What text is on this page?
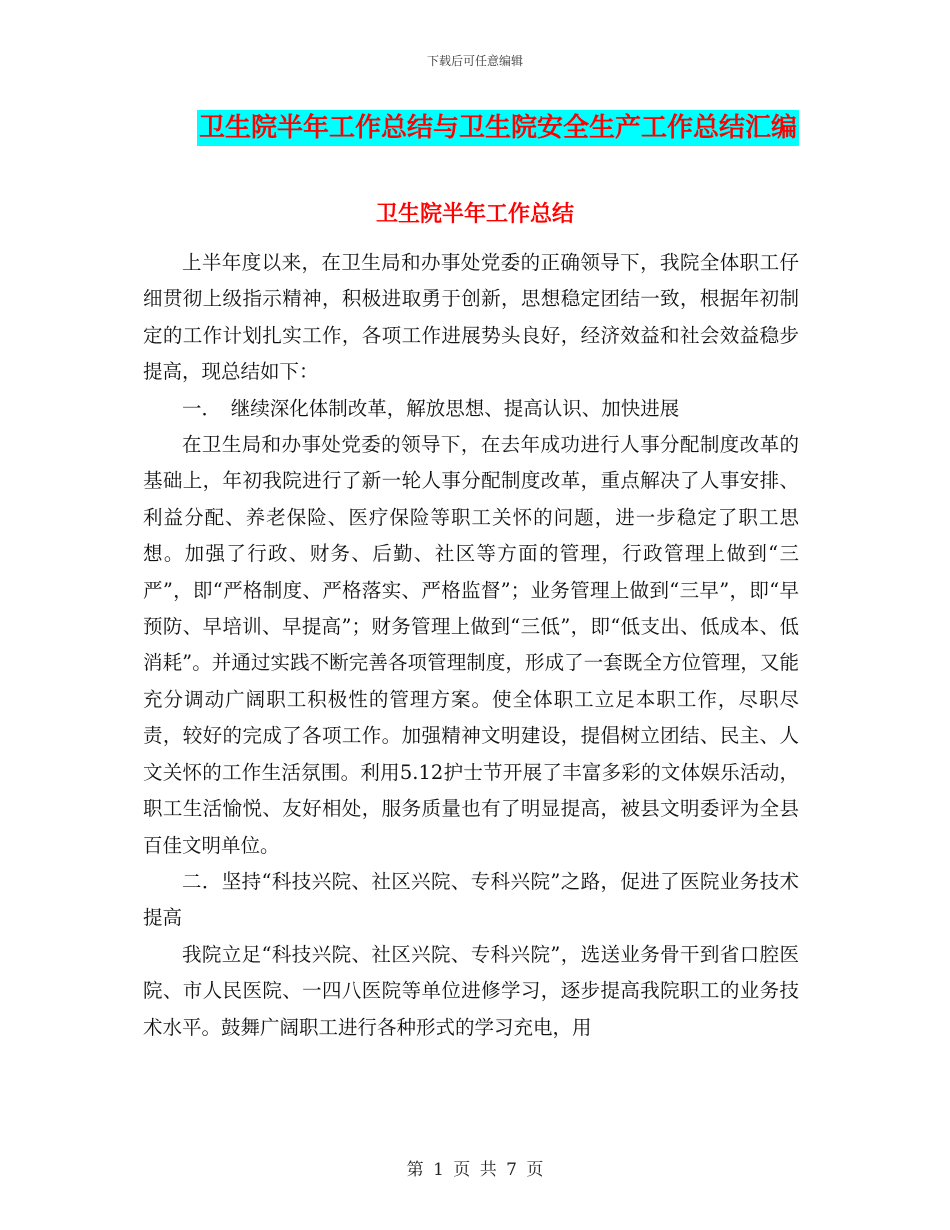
下载后可任意编辑
卫生院半年工作总结与卫生院安全生产工作总结汇编
卫生院半年工作总结

上半年度以来，在卫生局和办事处党委的正确领导下，我院全体职工仔细贯彻上级指示精神，积极进取勇于创新，思想稳定团结一致，根据年初制定的工作计划扎实工作，各项工作进展势头良好，经济效益和社会效益稳步提高，现总结如下：

一．　继续深化体制改革，解放思想、提高认识、加快进展

在卫生局和办事处党委的领导下，在去年成功进行人事分配制度改革的基础上，年初我院进行了新一轮人事分配制度改革，重点解决了人事安排、利益分配、养老保险、医疗保险等职工关怀的问题，进一步稳定了职工思想。加强了行政、财务、后勤、社区等方面的管理，行政管理上做到“三严”，即“严格制度、严格落实、严格监督”；业务管理上做到“三早”，即“早预防、早培训、早提高”；财务管理上做到“三低”，即“低支出、低成本、低消耗”。并通过实践不断完善各项管理制度，形成了一套既全方位管理，又能充分调动广阔职工积极性的管理方案。使全体职工立足本职工作，尽职尽责，较好的完成了各项工作。加强精神文明建设，提倡树立团结、民主、人文关怀的工作生活氛围。利用5.12护士节开展了丰富多彩的文体娱乐活动，职工生活愉悦、友好相处，服务质量也有了明显提高，被县文明委评为全县百佳文明单位。

二．坚持“科技兴院、社区兴院、专科兴院”之路，促进了医院业务技术提高

我院立足“科技兴院、社区兴院、专科兴院”，选送业务骨干到省口腔医院、市人民医院、一四八医院等单位进修学习，逐步提高我院职工的业务技术水平。鼓舞广阔职工进行各种形式的学习充电，用

第 1 页 共 7 页
